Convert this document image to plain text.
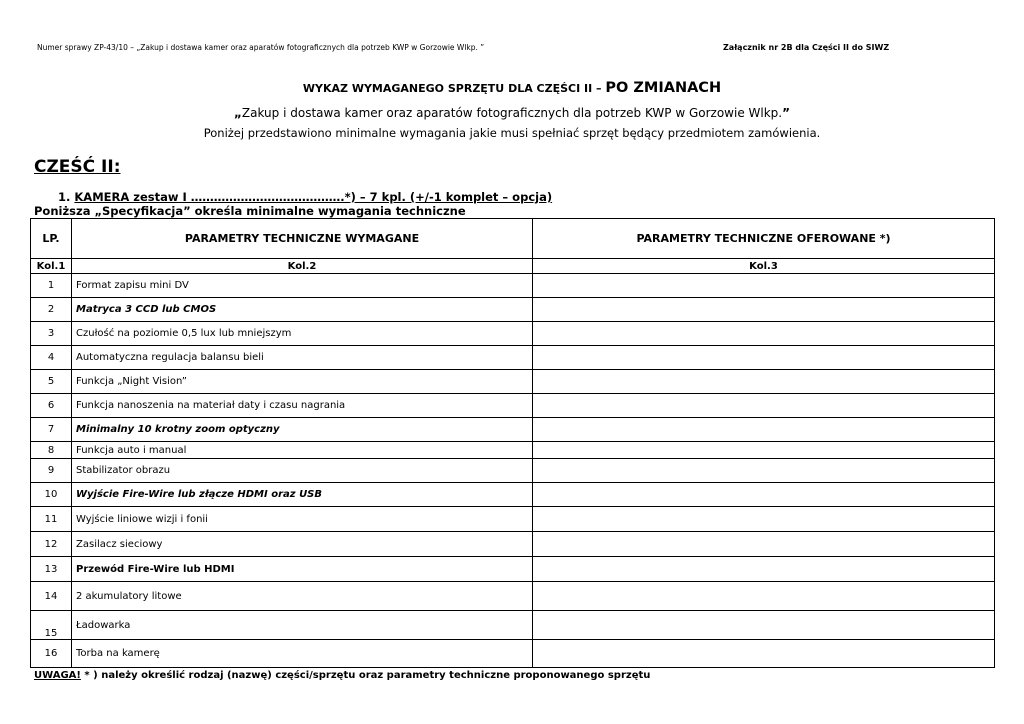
Numer sprawy ZP-43/10 – „Zakup i dostawa kamer oraz aparatów fotograficznych dla potrzeb KWP w Gorzowie Wlkp. ”	Załącznik nr 2B dla Części II do SIWZ
WYKAZ WYMAGANEGO SPRZĘTU DLA CZĘŚCI II – PO ZMIANACH
„Zakup i dostawa kamer oraz aparatów fotograficznych dla potrzeb KWP w Gorzowie Wlkp.”
Poniżej przedstawiono minimalne wymagania jakie musi spełniać sprzęt będący przedmiotem zamówienia.
CZEŚĆ II:
1. KAMERA zestaw I ………………………………….*) – 7 kpl. (+/-1 komplet – opcja)
Poniższa „Specyfikacja” określa minimalne wymagania techniczne
LP.	PARAMETRY TECHNICZNE WYMAGANE	PARAMETRY TECHNICZNE OFEROWANE *)
Kol.1	Kol.2	Kol.3
1	Format zapisu mini DV	
2	Matryca 3 CCD lub CMOS	
3	Czułość na poziomie 0,5 lux lub mniejszym	
4	Automatyczna regulacja balansu bieli	
5	Funkcja „Night Vision”	
6	Funkcja nanoszenia na materiał daty i czasu nagrania	
7	Minimalny 10 krotny zoom optyczny	
8	Funkcja auto i manual	
9	Stabilizator obrazu	
10	Wyjście Fire-Wire lub złącze HDMI oraz USB	
11	Wyjście liniowe wizji i fonii	
12	Zasilacz sieciowy	
13	Przewód Fire-Wire lub HDMI	
14	2 akumulatory litowe	
15	Ładowarka	
16	Torba na kamerę	
UWAGA! * ) należy określić rodzaj (nazwę) części/sprzętu oraz parametry techniczne proponowanego sprzętu
